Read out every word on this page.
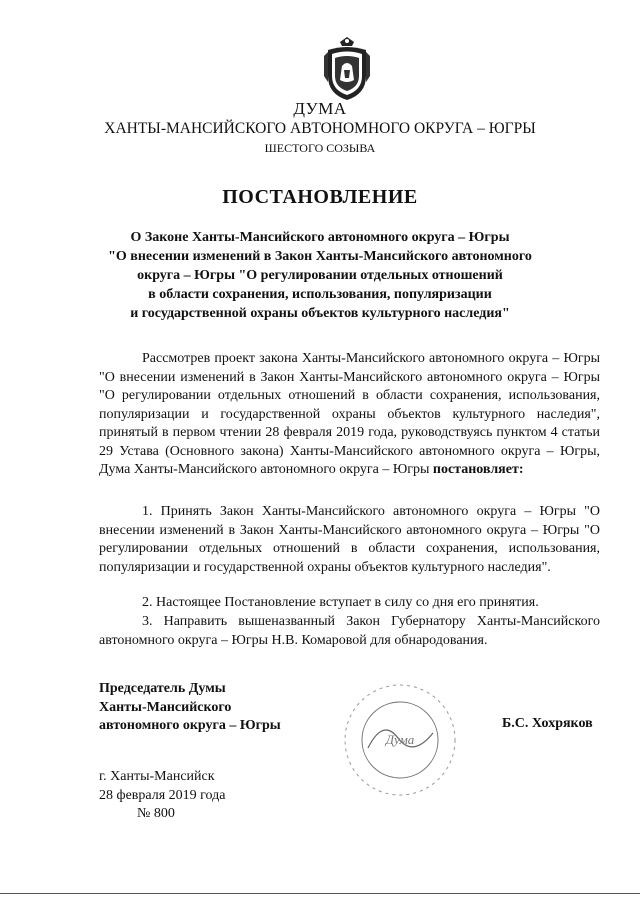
ДУМА
ХАНТЫ-МАНСИЙСКОГО АВТОНОМНОГО ОКРУГА – ЮГРЫ
ШЕСТОГО СОЗЫВА
ПОСТАНОВЛЕНИЕ
О Законе Ханты-Мансийского автономного округа – Югры
"О внесении изменений в Закон Ханты-Мансийского автономного
округа – Югры "О регулировании отдельных отношений
в области сохранения, использования, популяризации
и государственной охраны объектов культурного наследия"
Рассмотрев проект закона Ханты-Мансийского автономного округа – Югры "О внесении изменений в Закон Ханты-Мансийского автономного округа – Югры "О регулировании отдельных отношений в области сохранения, использования, популяризации и государственной охраны объектов культурного наследия", принятый в первом чтении 28 февраля 2019 года, руководствуясь пунктом 4 статьи 29 Устава (Основного закона) Ханты-Мансийского автономного округа – Югры, Дума Ханты-Мансийского автономного округа – Югры постановляет:
1. Принять Закон Ханты-Мансийского автономного округа – Югры "О внесении изменений в Закон Ханты-Мансийского автономного округа – Югры "О регулировании отдельных отношений в области сохранения, использования, популяризации и государственной охраны объектов культурного наследия".
2. Настоящее Постановление вступает в силу со дня его принятия.
3. Направить вышеназванный Закон Губернатору Ханты-Мансийского автономного округа – Югры Н.В. Комаровой для обнародования.
Председатель Думы
Ханты-Мансийского
автономного округа – Югры
Дума
Б.С. Хохряков
г. Ханты-Мансийск
28 февраля 2019 года
№ 800
